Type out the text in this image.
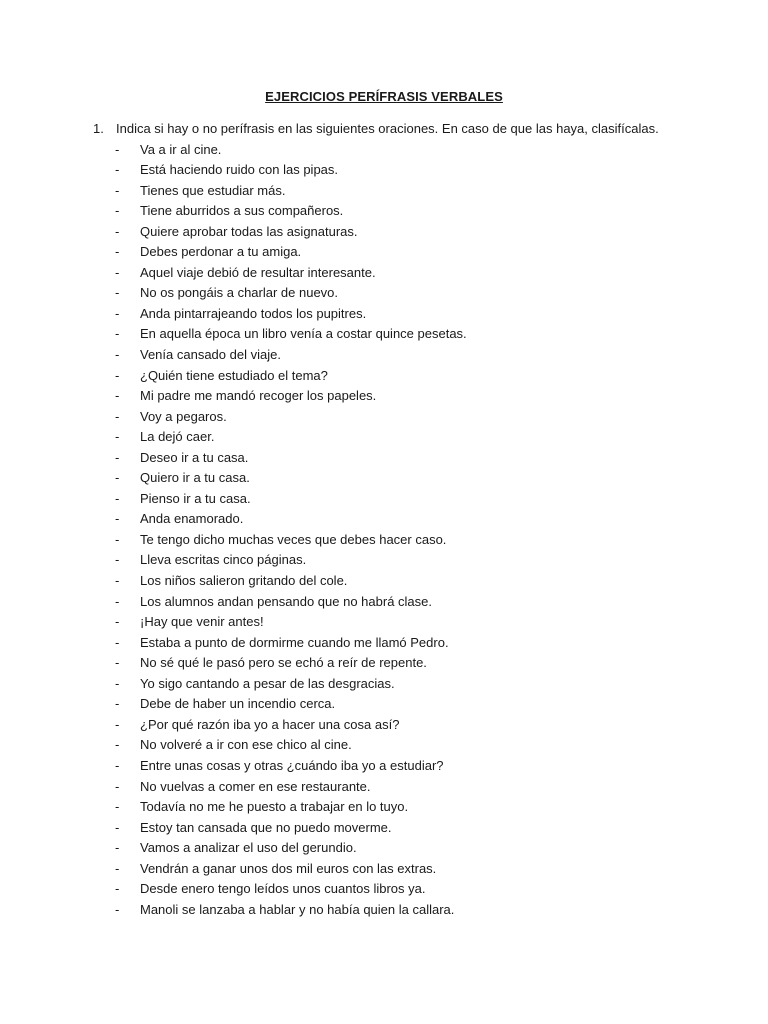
EJERCICIOS PERÍFRASIS VERBALES
1. Indica si hay o no perífrasis en las siguientes oraciones. En caso de que las haya, clasifícalas.
-	Va a ir al cine.
-	Está haciendo ruido con las pipas.
-	Tienes que estudiar más.
-	Tiene aburridos a sus compañeros.
-	Quiere aprobar todas las asignaturas.
-	Debes perdonar a tu amiga.
-	Aquel viaje debió de resultar interesante.
-	No os pongáis a charlar de nuevo.
-	Anda pintarrajeando todos los pupitres.
-	En aquella época un libro venía a costar quince pesetas.
-	Venía cansado del viaje.
-	¿Quién tiene estudiado el tema?
-	Mi padre me mandó recoger los papeles.
-	Voy a pegaros.
-	La dejó caer.
-	Deseo ir a tu casa.
-	Quiero ir a tu casa.
-	Pienso ir a tu casa.
-	Anda enamorado.
-	Te tengo dicho muchas veces que debes hacer caso.
-	Lleva escritas cinco páginas.
-	Los niños salieron gritando del cole.
-	Los alumnos andan pensando que no habrá clase.
-	¡Hay que venir antes!
-	Estaba a punto de dormirme cuando me llamó Pedro.
-	No sé qué le pasó pero se echó a reír de repente.
-	Yo sigo cantando a pesar de las desgracias.
-	Debe de haber un incendio cerca.
-	¿Por qué razón iba yo a hacer una cosa así?
-	No volveré a ir con ese chico al cine.
-	Entre unas cosas y otras ¿cuándo iba yo a estudiar?
-	No vuelvas a comer en ese restaurante.
-	Todavía no me he puesto a trabajar en lo tuyo.
-	Estoy tan cansada que no puedo moverme.
-	Vamos a analizar el uso del gerundio.
-	Vendrán a ganar unos dos mil euros con las extras.
-	Desde enero tengo leídos unos cuantos libros ya.
-	Manoli se lanzaba a hablar y no había quien la callara.
